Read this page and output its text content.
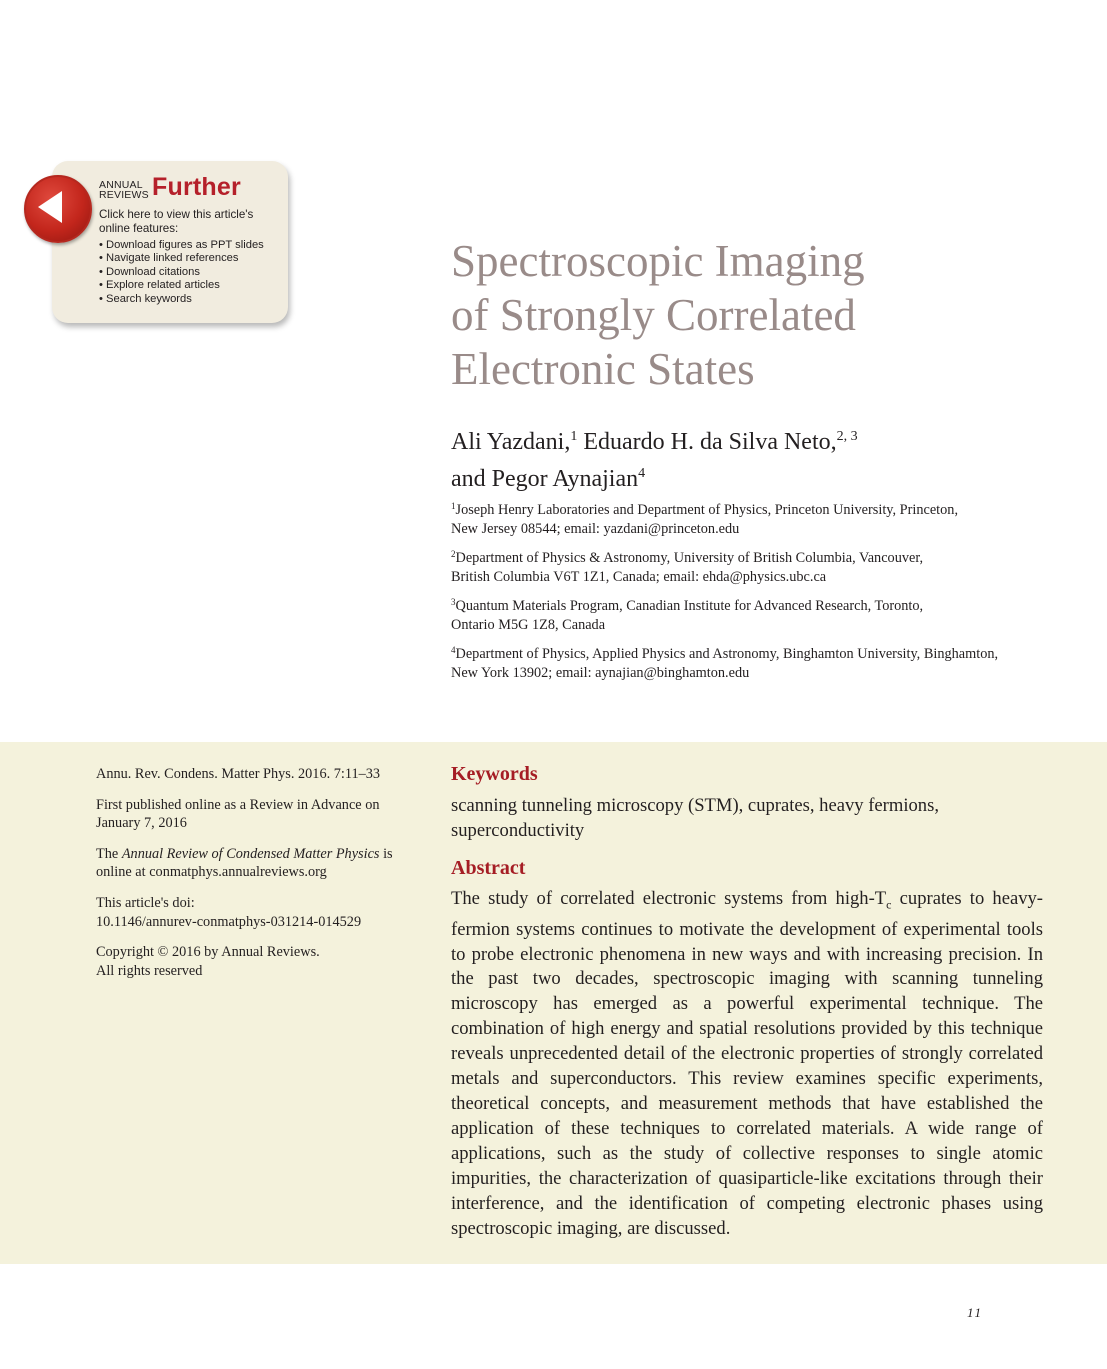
ANNUAL
REVIEWS Further
Click here to view this article's online features:
• Download figures as PPT slides
• Navigate linked references
• Download citations
• Explore related articles
• Search keywords
Spectroscopic Imaging
of Strongly Correlated
Electronic States
Ali Yazdani,$^1$ Eduardo H. da Silva Neto,$^{2, 3}$
and Pegor Aynajian$^4$
$^1$Joseph Henry Laboratories and Department of Physics, Princeton University, Princeton,
New Jersey 08544; email: yazdani@princeton.edu
$^2$Department of Physics & Astronomy, University of British Columbia, Vancouver,
British Columbia V6T 1Z1, Canada; email: ehda@physics.ubc.ca
$^3$Quantum Materials Program, Canadian Institute for Advanced Research, Toronto,
Ontario M5G 1Z8, Canada
$^4$Department of Physics, Applied Physics and Astronomy, Binghamton University, Binghamton,
New York 13902; email: aynajian@binghamton.edu

Annu. Rev. Condens. Matter Phys. 2016. 7:11–33

First published online as a Review in Advance on
January 7, 2016

The Annual Review of Condensed Matter Physics is
online at conmatphys.annualreviews.org

This article's doi:
10.1146/annurev-conmatphys-031214-014529

Copyright © 2016 by Annual Reviews.
All rights reserved

Keywords

scanning tunneling microscopy (STM), cuprates, heavy fermions, superconductivity

Abstract

The study of correlated electronic systems from high-$T_c$ cuprates to heavy-fermion systems continues to motivate the development of experimental tools to probe electronic phenomena in new ways and with increasing precision. In the past two decades, spectroscopic imaging with scanning tunneling microscopy has emerged as a powerful experimental technique. The combination of high energy and spatial resolutions provided by this technique reveals unprecedented detail of the electronic properties of strongly correlated metals and superconductors. This review examines specific experiments, theoretical concepts, and measurement methods that have established the application of these techniques to correlated materials. A wide range of applications, such as the study of collective responses to single atomic impurities, the characterization of quasiparticle-like excitations through their interference, and the identification of competing electronic phases using spectroscopic imaging, are discussed.

11
